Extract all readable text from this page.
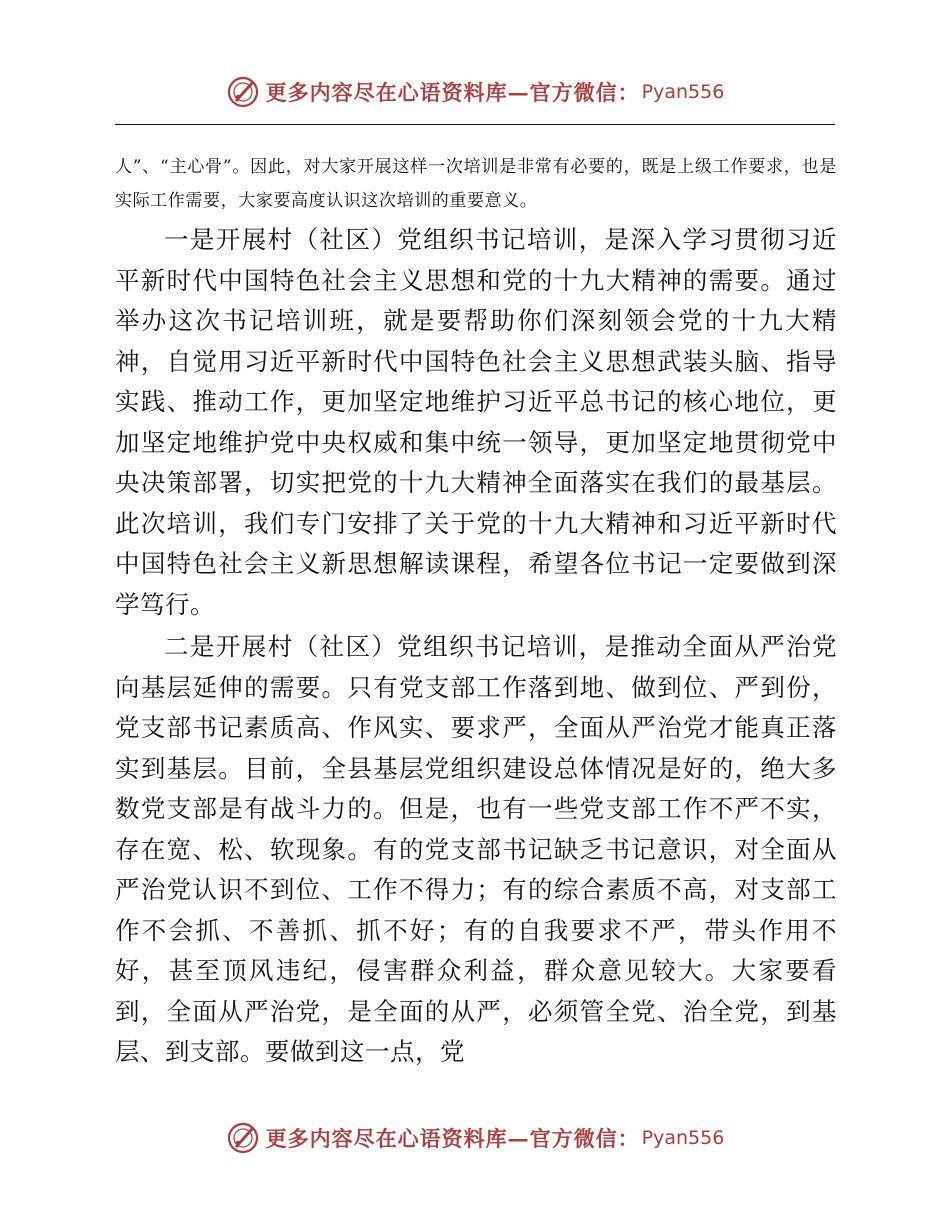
更多内容尽在心语资料库—官方微信： Pyan556

人”、“主心骨”。因此，对大家开展这样一次培训是非常有必要的，既是上级工作要求，也是实际工作需要，大家要高度认识这次培训的重要意义。

一是开展村（社区）党组织书记培训，是深入学习贯彻习近平新时代中国特色社会主义思想和党的十九大精神的需要。通过举办这次书记培训班，就是要帮助你们深刻领会党的十九大精神，自觉用习近平新时代中国特色社会主义思想武装头脑、指导实践、推动工作，更加坚定地维护习近平总书记的核心地位，更加坚定地维护党中央权威和集中统一领导，更加坚定地贯彻党中央决策部署，切实把党的十九大精神全面落实在我们的最基层。此次培训，我们专门安排了关于党的十九大精神和习近平新时代中国特色社会主义新思想解读课程，希望各位书记一定要做到深学笃行。

二是开展村（社区）党组织书记培训，是推动全面从严治党向基层延伸的需要。只有党支部工作落到地、做到位、严到份，党支部书记素质高、作风实、要求严，全面从严治党才能真正落实到基层。目前，全县基层党组织建设总体情况是好的，绝大多数党支部是有战斗力的。但是，也有一些党支部工作不严不实，存在宽、松、软现象。有的党支部书记缺乏书记意识，对全面从严治党认识不到位、工作不得力；有的综合素质不高，对支部工作不会抓、不善抓、抓不好；有的自我要求不严，带头作用不好，甚至顶风违纪，侵害群众利益，群众意见较大。大家要看到，全面从严治党，是全面的从严，必须管全党、治全党，到基层、到支部。要做到这一点，党

更多内容尽在心语资料库—官方微信： Pyan556
